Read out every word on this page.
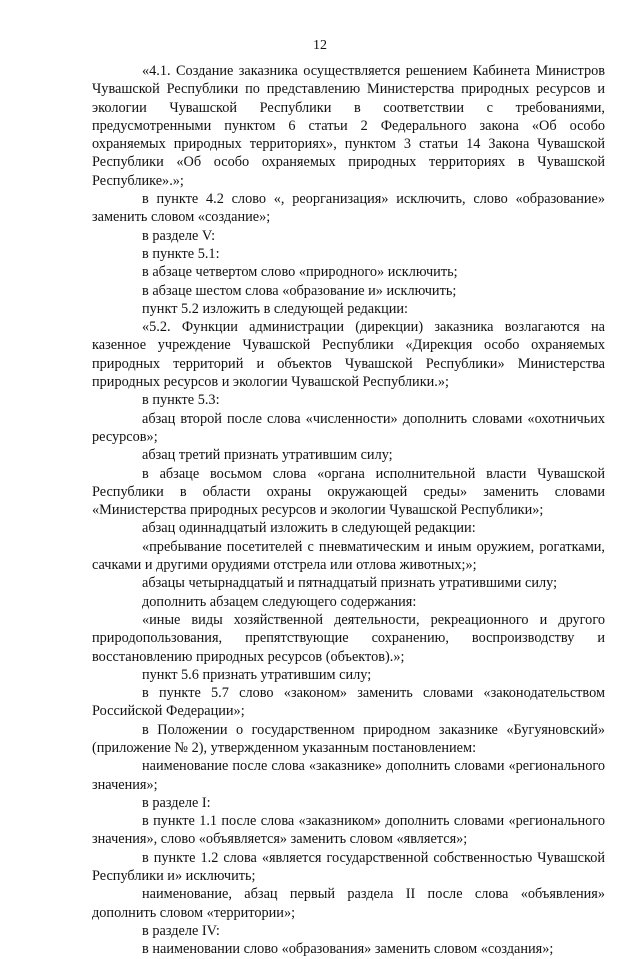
12

«4.1. Создание заказника осуществляется решением Кабинета Министров Чувашской Республики по представлению Министерства природных ресурсов и экологии Чувашской Республики в соответствии с требованиями, предусмотренными пунктом 6 статьи 2 Федерального закона «Об особо охраняемых природных территориях», пунктом 3 статьи 14 Закона Чувашской Республики «Об особо охраняемых природных территориях в Чувашской Республике».»;

в пункте 4.2 слово «, реорганизация» исключить, слово «образование» заменить словом «создание»;

в разделе V:

в пункте 5.1:

в абзаце четвертом слово «природного» исключить;

в абзаце шестом слова «образование и» исключить;

пункт 5.2 изложить в следующей редакции:

«5.2. Функции администрации (дирекции) заказника возлагаются на казенное учреждение Чувашской Республики «Дирекция особо охраняемых природных территорий и объектов Чувашской Республики» Министерства природных ресурсов и экологии Чувашской Республики.»;

в пункте 5.3:

абзац второй после слова «численности» дополнить словами «охотничьих ресурсов»;

абзац третий признать утратившим силу;

в абзаце восьмом слова «органа исполнительной власти Чувашской Республики в области охраны окружающей среды» заменить словами «Министерства природных ресурсов и экологии Чувашской Республики»;

абзац одиннадцатый изложить в следующей редакции:

«пребывание посетителей с пневматическим и иным оружием, рогатками, сачками и другими орудиями отстрела или отлова животных;»;

абзацы четырнадцатый и пятнадцатый признать утратившими силу;

дополнить абзацем следующего содержания:

«иные виды хозяйственной деятельности, рекреационного и другого природопользования, препятствующие сохранению, воспроизводству и восстановлению природных ресурсов (объектов).»;

пункт 5.6 признать утратившим силу;

в пункте 5.7 слово «законом» заменить словами «законодательством Российской Федерации»;

в Положении о государственном природном заказнике «Бугуяновский» (приложение № 2), утвержденном указанным постановлением:

наименование после слова «заказнике» дополнить словами «регионального значения»;

в разделе I:

в пункте 1.1 после слова «заказником» дополнить словами «регионального значения», слово «объявляется» заменить словом «является»;

в пункте 1.2 слова «является государственной собственностью Чувашской Республики и» исключить;

наименование, абзац первый раздела II после слова «объявления» дополнить словом «территории»;

в разделе IV:

в наименовании слово «образования» заменить словом «создания»;
